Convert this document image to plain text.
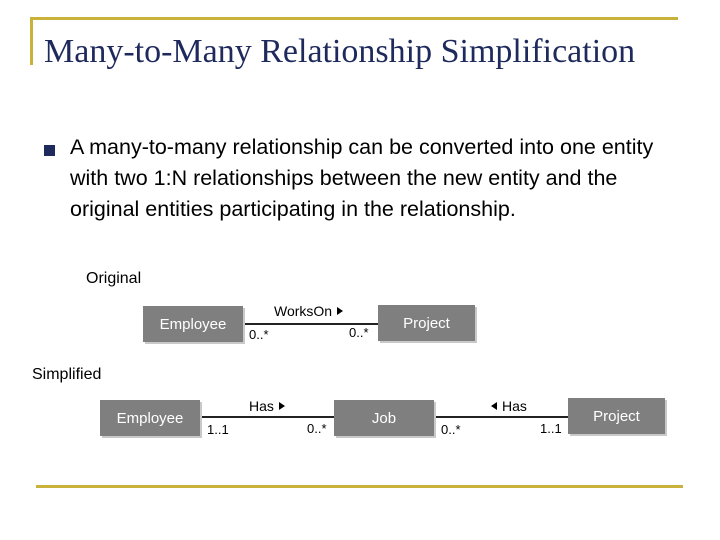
Many-to-Many Relationship Simplification
A many-to-many relationship can be converted into one entity with two 1:N relationships between the new entity and the original entities participating in the relationship.
Original
Employee	Project
WorksOn
0..*	0..*
Simplified
Employee	Job	Project
Has	Has
1..1	0..*	0..*	1..1
